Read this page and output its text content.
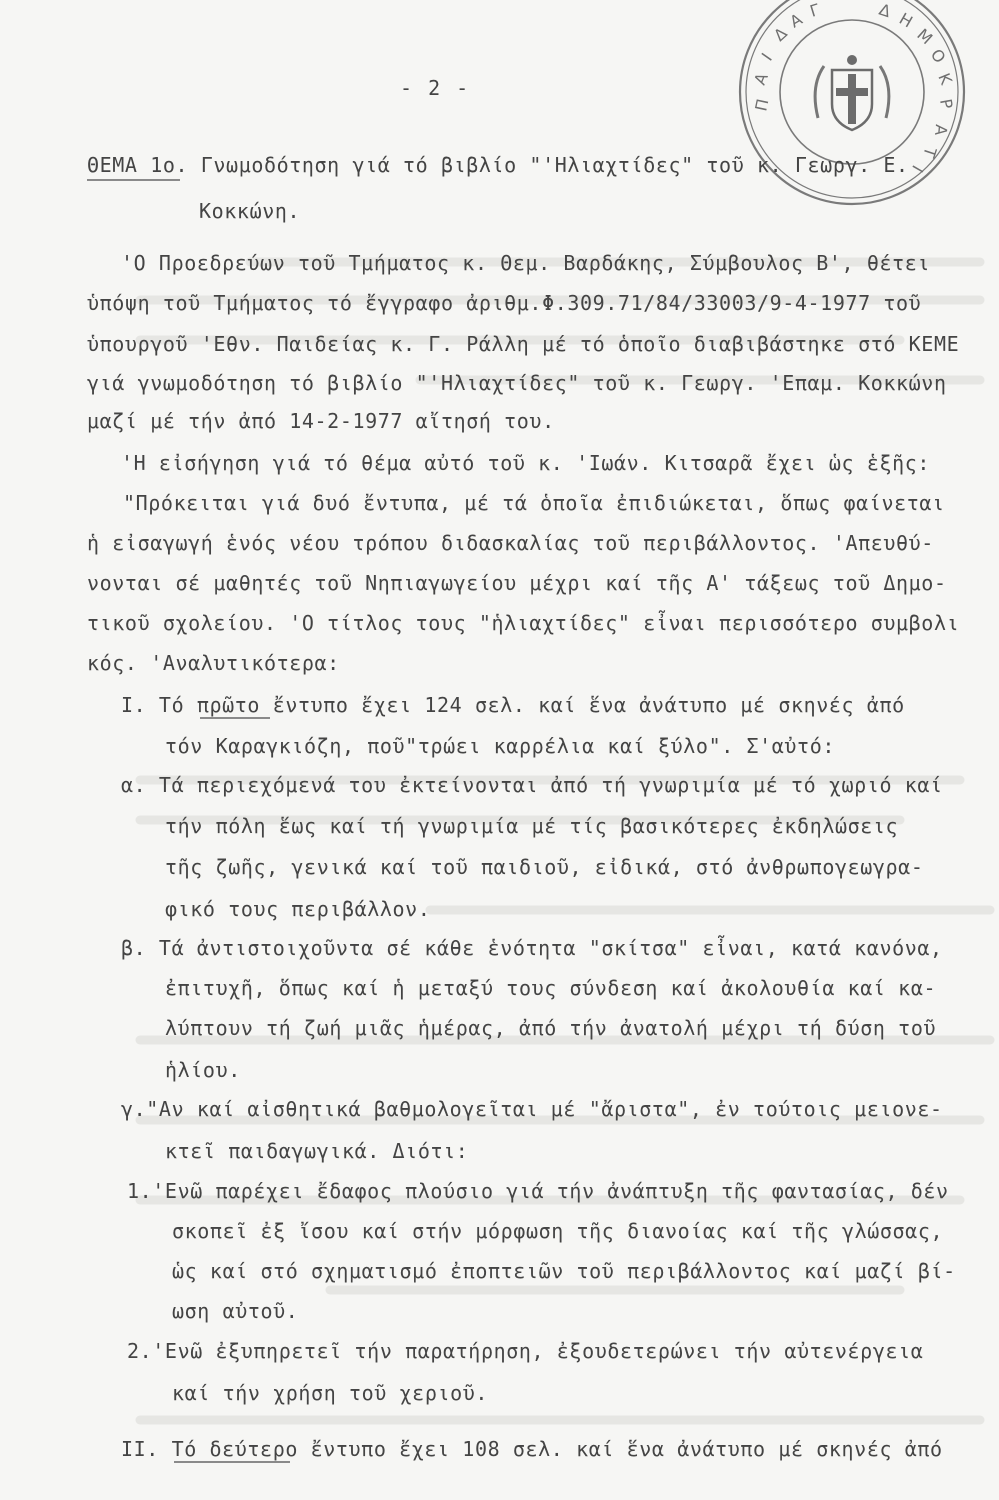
Π
Α
Ι
Δ
Α Γ	Δ Η
Μ
Ο
Κ
Ρ
Α
Τ
Ι
- 2 -
ΘΕΜΑ 1ο. Γνωμοδότηση γιά τό βιβλίο "'Ηλιαχτίδες" τοῦ κ. Γεωργ. Ε.
Κοκκώνη.
'Ο Προεδρεύων τοῦ Τμήματος κ. Θεμ. Βαρδάκης, Σύμβουλος Β', θέτει
ὑπόψη τοῦ Τμήματος τό ἔγγραφο ἀριθμ.Φ.309.71/84/33003/9-4-1977 τοῦ
ὑπουργοῦ 'Εθν. Παιδείας κ. Γ. Ράλλη μέ τό ὁποῖο διαβιβάστηκε στό ΚΕΜΕ
γιά γνωμοδότηση τό βιβλίο "'Ηλιαχτίδες" τοῦ κ. Γεωργ. 'Επαμ. Κοκκώνη
μαζί μέ τήν ἀπό 14-2-1977 αἴτησή του.
'Η εἰσήγηση γιά τό θέμα αὐτό τοῦ κ. 'Ιωάν. Κιτσαρᾶ ἔχει ὡς ἑξῆς:
"Πρόκειται γιά δυό ἔντυπα, μέ τά ὁποῖα ἐπιδιώκεται, ὅπως φαίνεται
ἡ εἰσαγωγή ἑνός νέου τρόπου διδασκαλίας τοῦ περιβάλλοντος. 'Απευθύ-
νονται σέ μαθητές τοῦ Νηπιαγωγείου μέχρι καί τῆς Α' τάξεως τοῦ Δημο-
τικοῦ σχολείου. 'Ο τίτλος τους "ἡλιαχτίδες" εἶναι περισσότερο συμβολι
κός. 'Αναλυτικότερα:
I. Τό πρῶτο ἔντυπο ἔχει 124 σελ. καί ἕνα ἀνάτυπο μέ σκηνές ἀπό
τόν Καραγκιόζη, ποῦ"τρώει καρρέλια καί ξύλο". Σ'αὐτό:
α. Τά περιεχόμενά του ἐκτείνονται ἀπό τή γνωριμία μέ τό χωριό καί
τήν πόλη ἕως καί τή γνωριμία μέ τίς βασικότερες ἐκδηλώσεις
τῆς ζωῆς, γενικά καί τοῦ παιδιοῦ, εἰδικά, στό ἀνθρωπογεωγρα-
φικό τους περιβάλλον.
β. Τά ἀντιστοιχοῦντα σέ κάθε ἑνότητα "σκίτσα" εἶναι, κατά κανόνα,
ἐπιτυχῆ, ὅπως καί ἡ μεταξύ τους σύνδεση καί ἀκολουθία καί κα-
λύπτουν τή ζωή μιᾶς ἡμέρας, ἀπό τήν ἀνατολή μέχρι τή δύση τοῦ
ἡλίου.
γ."Αν καί αἰσθητικά βαθμολογεῖται μέ "ἄριστα", ἐν τούτοις μειονε-
κτεῖ παιδαγωγικά. Διότι:
1.'Ενῶ παρέχει ἔδαφος πλούσιο γιά τήν ἀνάπτυξη τῆς φαντασίας, δέν
σκοπεῖ ἐξ ἴσου καί στήν μόρφωση τῆς διανοίας καί τῆς γλώσσας,
ὡς καί στό σχηματισμό ἐποπτειῶν τοῦ περιβάλλοντος καί μαζί βί-
ωση αὐτοῦ.
2.'Ενῶ ἐξυπηρετεῖ τήν παρατήρηση, ἐξουδετερώνει τήν αὐτενέργεια
καί τήν χρήση τοῦ χεριοῦ.
II. Τό δεύτερο ἔντυπο ἔχει 108 σελ. καί ἕνα ἀνάτυπο μέ σκηνές ἀπό
